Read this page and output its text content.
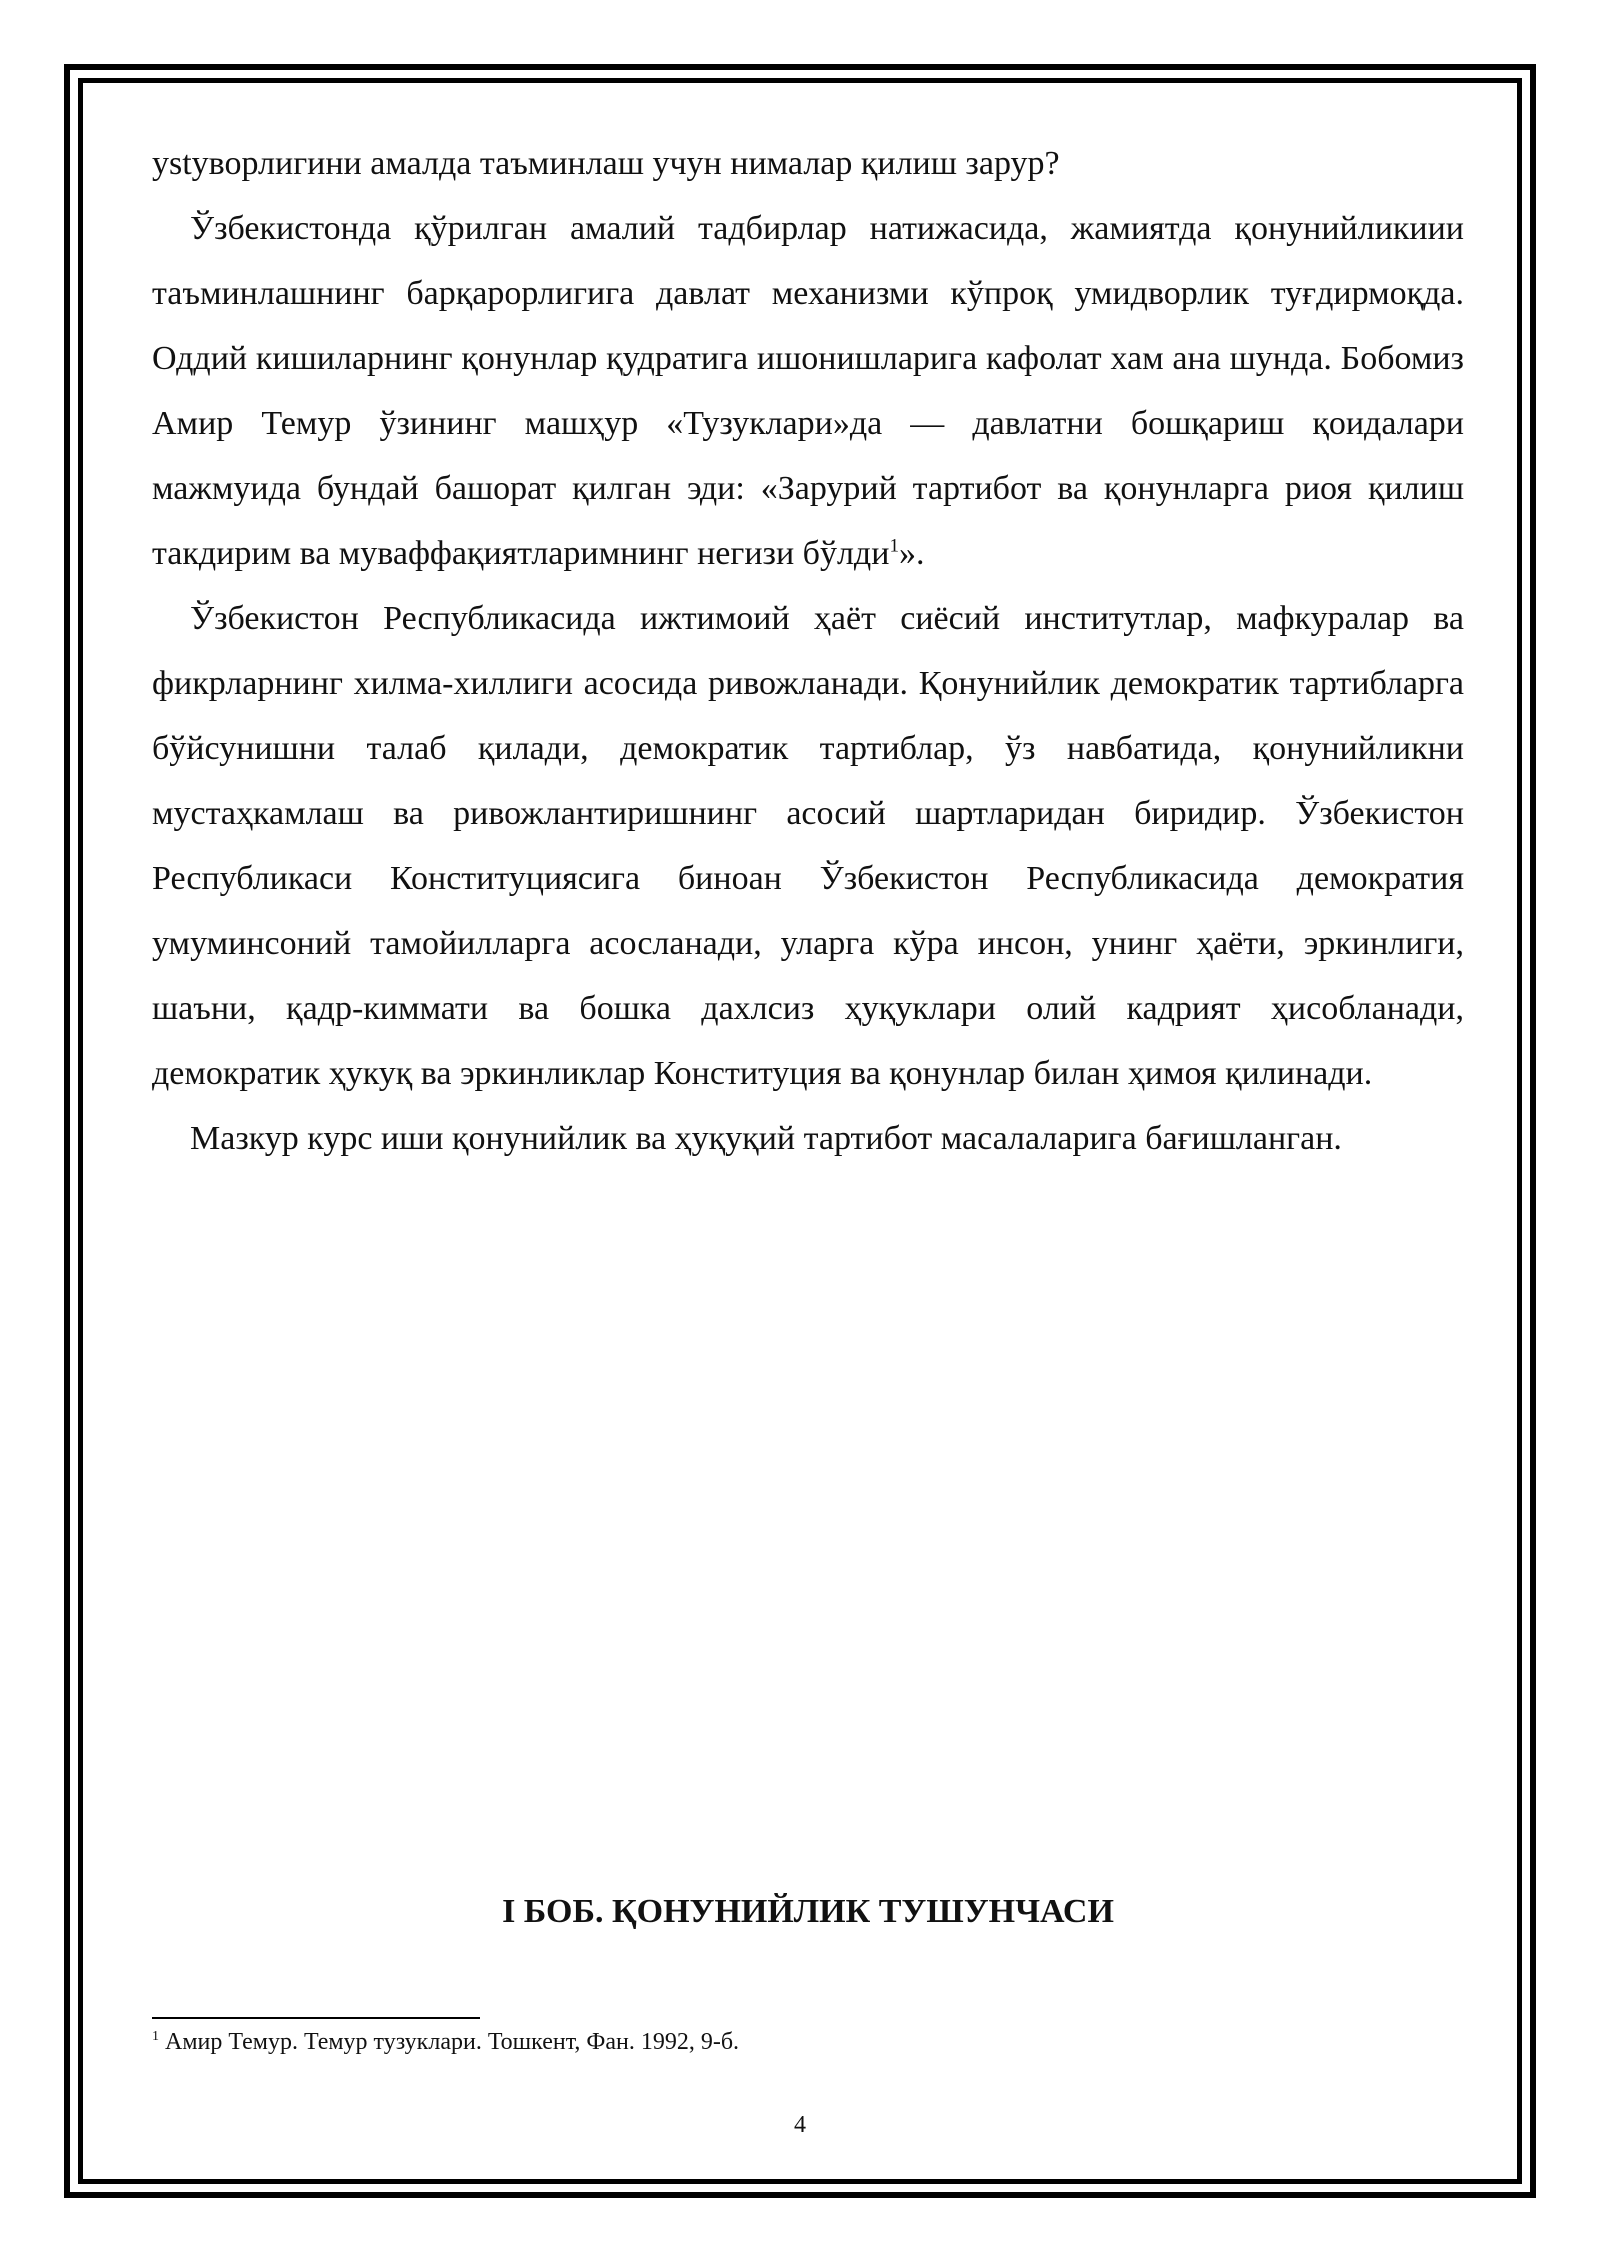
уstуворлигини амалда таъминлаш учун нималар қилиш зарур?

Ўзбекистонда қўрилган амалий тадбирлар натижасида, жамиятда қонунийликиии таъминлашнинг барқарорлигига давлат механизми кўпроқ умидворлик туғдирмоқда. Оддий кишиларнинг қонунлар қудратига ишонишларига кафолат хам ана шунда. Бобомиз Амир Темур ўзининг машҳур «Тузуклари»да — давлатни бошқариш қоидалари мажмуида бундай башорат қилган эди: «Зарурий тартибот ва қонунларга риоя қилиш такдирим ва муваффақиятларимнинг негизи бўлди$^1$».

Ўзбекистон Республикасида ижтимоий ҳаёт сиёсий институтлар, мафкуралар ва фикрларнинг хилма-хиллиги асосида ривожланади. Қонунийлик демократик тартибларга бўйсунишни талаб қилади, демократик тартиблар, ўз навбатида, қонунийликни мустаҳкамлаш ва ривожлантиришнинг асосий шартларидан биридир. Ўзбекистон Республикаси Конституциясига биноан Ўзбекистон Республикасида демократия умуминсоний тамойилларга асосланади, уларга кўра инсон, унинг ҳаёти, эркинлиги, шаъни, қадр-киммати ва бошка дахлсиз ҳуқуклари олий кадрият ҳисобланади, демократик ҳукуқ ва эркинликлар Конституция ва қонунлар билан ҳимоя қилинади.

Мазкур курс иши қонунийлик ва ҳуқуқий тартибот масалаларига бағишланган.

I БОБ. ҚОНУНИЙЛИК ТУШУНЧАСИ

$^1$ Амир Темур. Темур тузуклари. Тошкент, Фан. 1992, 9-б.

4
